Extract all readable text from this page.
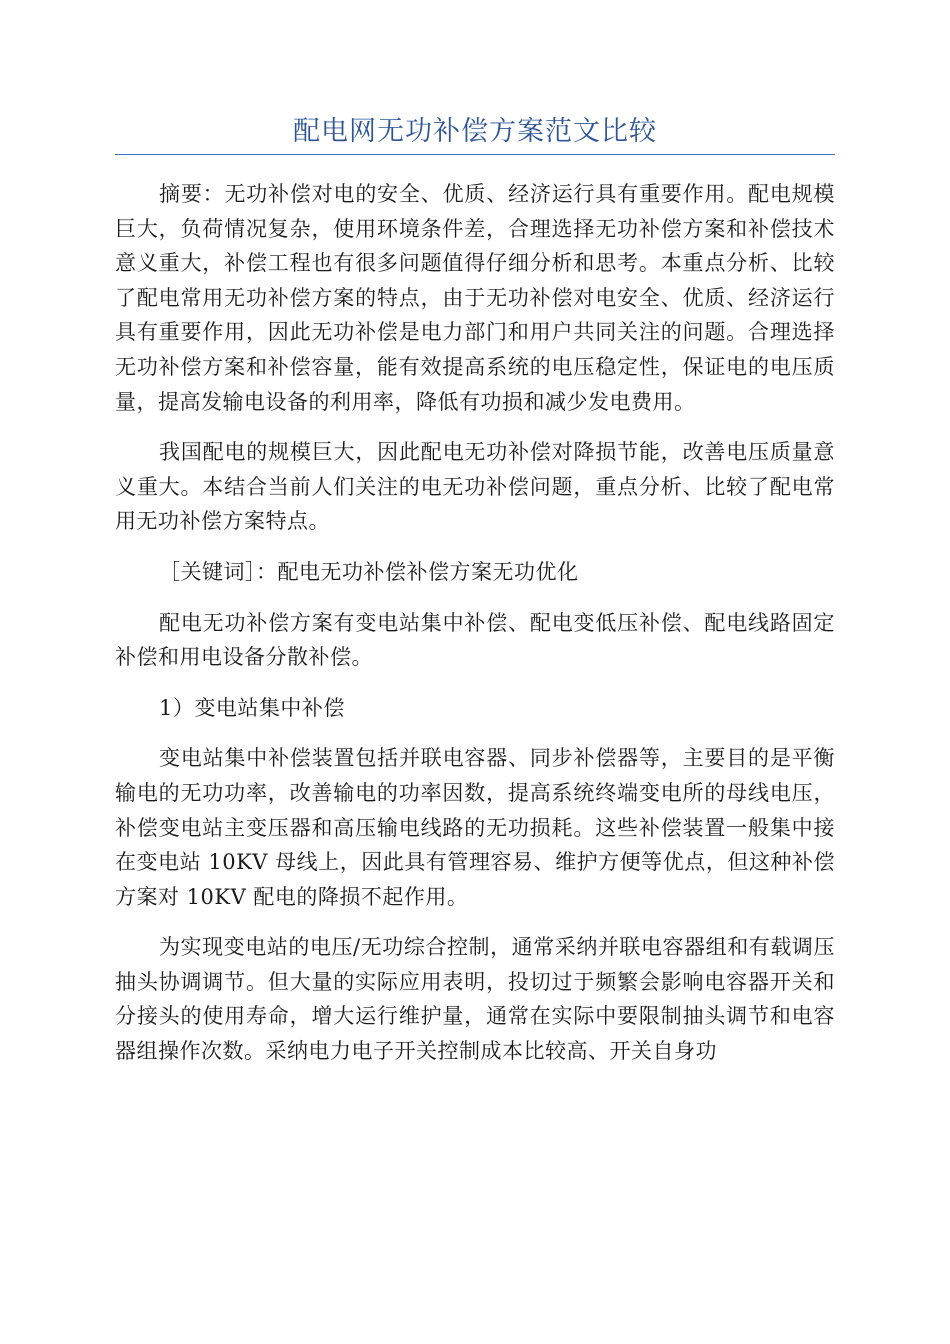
配电网无功补偿方案范文比较

摘要：无功补偿对电的安全、优质、经济运行具有重要作用。配电规模巨大，负荷情况复杂，使用环境条件差，合理选择无功补偿方案和补偿技术意义重大，补偿工程也有很多问题值得仔细分析和思考。本重点分析、比较了配电常用无功补偿方案的特点，由于无功补偿对电安全、优质、经济运行具有重要作用，因此无功补偿是电力部门和用户共同关注的问题。合理选择无功补偿方案和补偿容量，能有效提高系统的电压稳定性，保证电的电压质量，提高发输电设备的利用率，降低有功损和减少发电费用。

我国配电的规模巨大，因此配电无功补偿对降损节能，改善电压质量意义重大。本结合当前人们关注的电无功补偿问题，重点分析、比较了配电常用无功补偿方案特点。

［关键词］：配电无功补偿补偿方案无功优化

配电无功补偿方案有变电站集中补偿、配电变低压补偿、配电线路固定补偿和用电设备分散补偿。

1）变电站集中补偿

变电站集中补偿装置包括并联电容器、同步补偿器等，主要目的是平衡输电的无功功率，改善输电的功率因数，提高系统终端变电所的母线电压，补偿变电站主变压器和高压输电线路的无功损耗。这些补偿装置一般集中接在变电站 10KV 母线上，因此具有管理容易、维护方便等优点，但这种补偿方案对 10KV 配电的降损不起作用。

为实现变电站的电压/无功综合控制，通常采纳并联电容器组和有载调压抽头协调调节。但大量的实际应用表明，投切过于频繁会影响电容器开关和分接头的使用寿命，增大运行维护量，通常在实际中要限制抽头调节和电容器组操作次数。采纳电力电子开关控制成本比较高、开关自身功
